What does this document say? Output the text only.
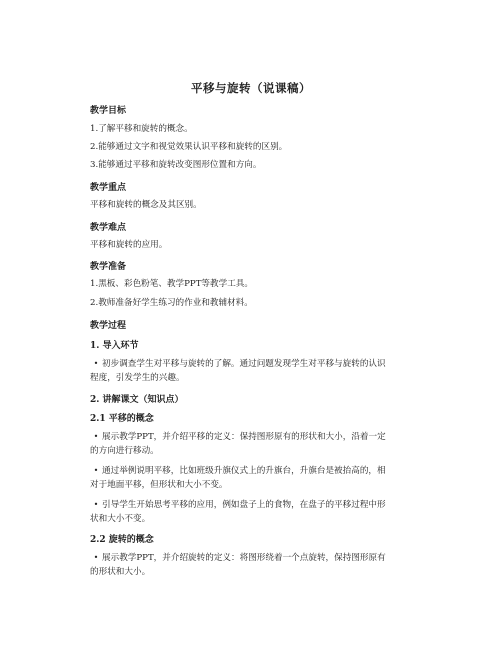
平移与旋转（说课稿）
教学目标
1.了解平移和旋转的概念。
2.能够通过文字和视觉效果认识平移和旋转的区别。
3.能够通过平移和旋转改变图形位置和方向。
教学重点
平移和旋转的概念及其区别。
教学难点
平移和旋转的应用。
教学准备
1.黑板、彩色粉笔、教学PPT等教学工具。
2.教师准备好学生练习的作业和教辅材料。
教学过程
1. 导入环节
• 初步调查学生对平移与旋转的了解。通过问题发现学生对平移与旋转的认识
程度，引发学生的兴趣。
2. 讲解课文（知识点）
2.1 平移的概念
• 展示教学PPT，并介绍平移的定义：保持图形原有的形状和大小，沿着一定
的方向进行移动。
• 通过举例说明平移，比如班级升旗仪式上的升旗台，升旗台是被抬高的，相
对于地面平移，但形状和大小不变。
• 引导学生开始思考平移的应用，例如盘子上的食物，在盘子的平移过程中形
状和大小不变。
2.2 旋转的概念
• 展示教学PPT，并介绍旋转的定义：将图形绕着一个点旋转，保持图形原有
的形状和大小。
